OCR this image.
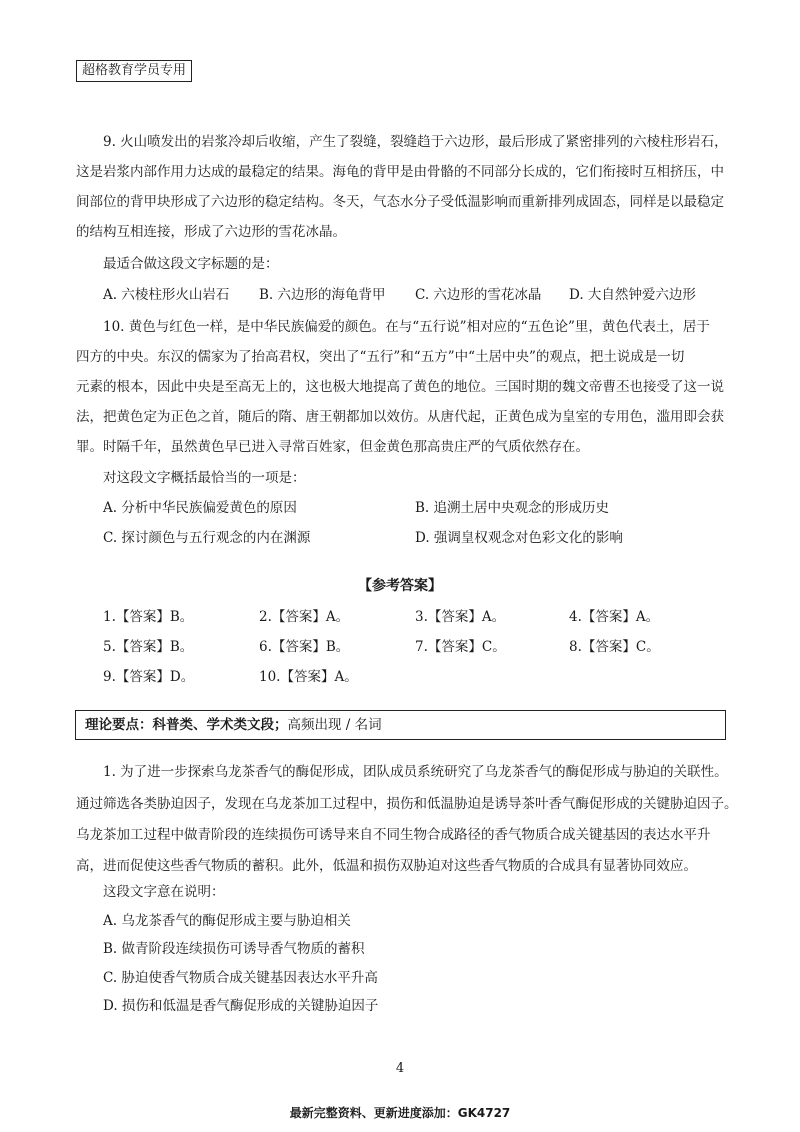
超格教育学员专用
9. 火山喷发出的岩浆冷却后收缩，产生了裂缝，裂缝趋于六边形，最后形成了紧密排列的六棱柱形岩石，
这是岩浆内部作用力达成的最稳定的结果。海龟的背甲是由骨骼的不同部分长成的，它们衔接时互相挤压，中
间部位的背甲块形成了六边形的稳定结构。冬天，气态水分子受低温影响而重新排列成固态，同样是以最稳定
的结构互相连接，形成了六边形的雪花冰晶。
最适合做这段文字标题的是：
A. 六棱柱形火山岩石 B. 六边形的海龟背甲 C. 六边形的雪花冰晶 D. 大自然钟爱六边形
10. 黄色与红色一样，是中华民族偏爱的颜色。在与“五行说”相对应的“五色论”里，黄色代表土，居于
四方的中央。东汉的儒家为了抬高君权，突出了“五行”和“五方”中“土居中央”的观点，把土说成是一切
元素的根本，因此中央是至高无上的，这也极大地提高了黄色的地位。三国时期的魏文帝曹丕也接受了这一说
法，把黄色定为正色之首，随后的隋、唐王朝都加以效仿。从唐代起，正黄色成为皇室的专用色，滥用即会获
罪。时隔千年，虽然黄色早已进入寻常百姓家，但金黄色那高贵庄严的气质依然存在。
对这段文字概括最恰当的一项是：
A. 分析中华民族偏爱黄色的原因	B. 追溯土居中央观念的形成历史
C. 探讨颜色与五行观念的内在渊源	D. 强调皇权观念对色彩文化的影响
【参考答案】
1.【答案】B。	2.【答案】A。	3.【答案】A。	4.【答案】A。
5.【答案】B。	6.【答案】B。	7.【答案】C。	8.【答案】C。
9.【答案】D。	10.【答案】A。
理论要点：科普类、学术类文段；高频出现 / 名词
1. 为了进一步探索乌龙茶香气的酶促形成，团队成员系统研究了乌龙茶香气的酶促形成与胁迫的关联性。
通过筛选各类胁迫因子，发现在乌龙茶加工过程中，损伤和低温胁迫是诱导茶叶香气酶促形成的关键胁迫因子。
乌龙茶加工过程中做青阶段的连续损伤可诱导来自不同生物合成路径的香气物质合成关键基因的表达水平升
高，进而促使这些香气物质的蓄积。此外，低温和损伤双胁迫对这些香气物质的合成具有显著协同效应。
这段文字意在说明：
A. 乌龙茶香气的酶促形成主要与胁迫相关
B. 做青阶段连续损伤可诱导香气物质的蓄积
C. 胁迫使香气物质合成关键基因表达水平升高
D. 损伤和低温是香气酶促形成的关键胁迫因子
4
最新完整资料、更新进度添加：GK4727
